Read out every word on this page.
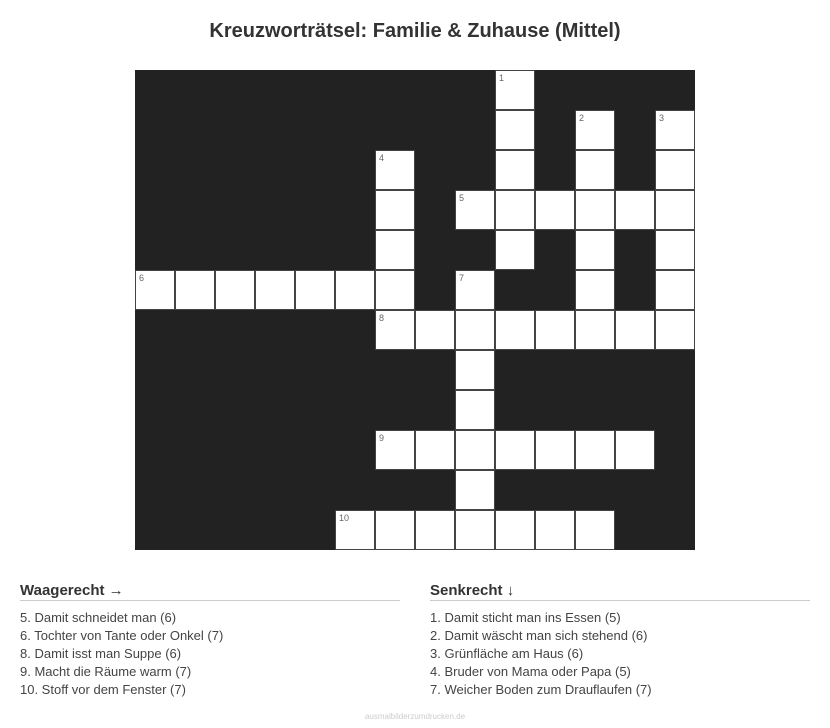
Kreuzworträtsel: Familie & Zuhause (Mittel)
1
2	3
4
8
5
6	7
9
10
Waagerecht →
5. Damit schneidet man (6)
6. Tochter von Tante oder Onkel (7)
8. Damit isst man Suppe (6)
9. Macht die Räume warm (7)
10. Stoff vor dem Fenster (7)
Senkrecht ↓
1. Damit sticht man ins Essen (5)
2. Damit wäscht man sich stehend (6)
3. Grünfläche am Haus (6)
4. Bruder von Mama oder Papa (5)
7. Weicher Boden zum Drauflaufen (7)
ausmalbilderzumdrucken.de
